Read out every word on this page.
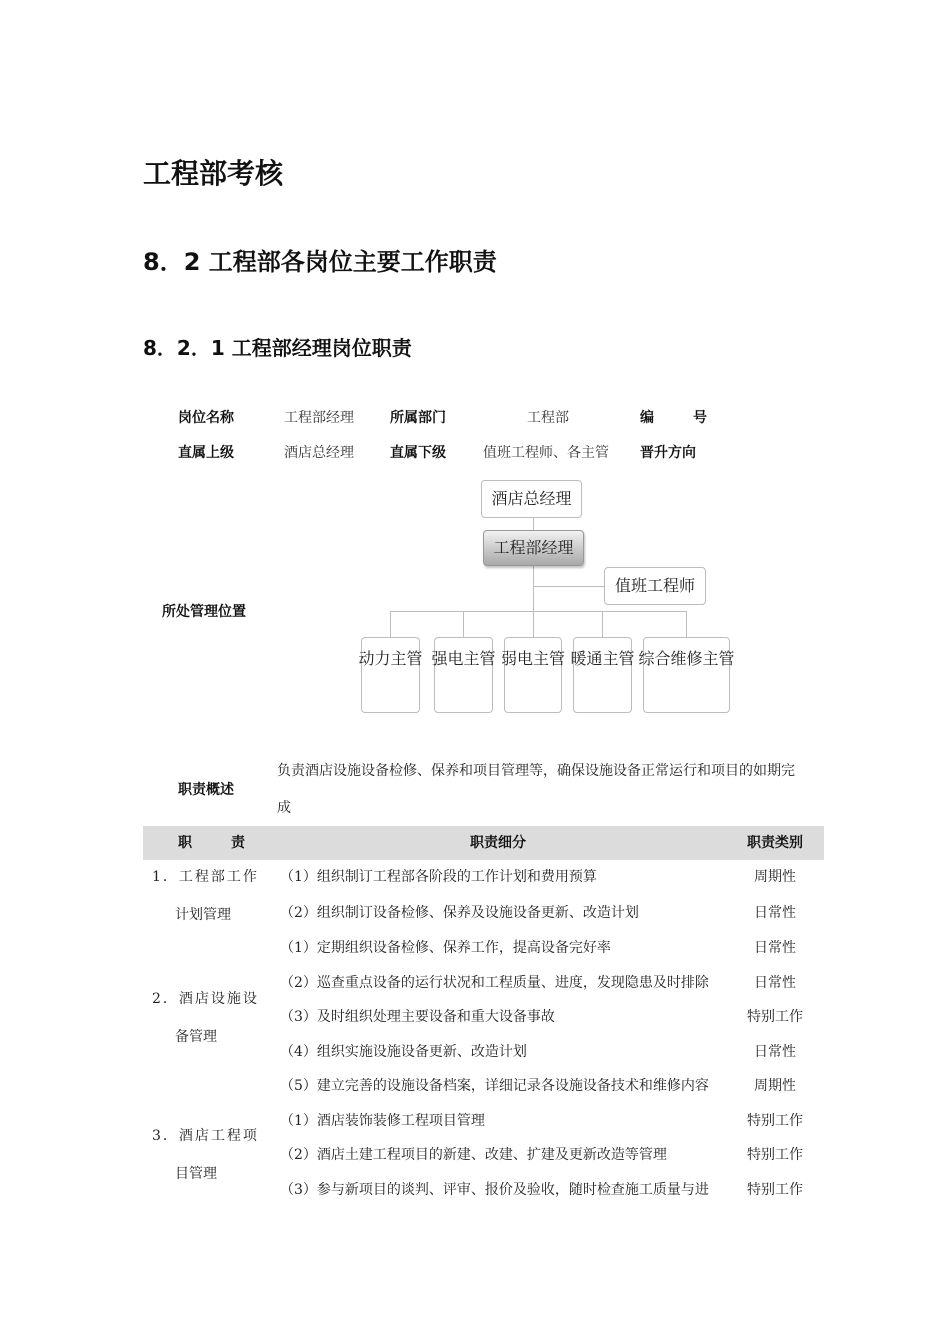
工程部考核
8．2 工程部各岗位主要工作职责
8．2．1 工程部经理岗位职责
岗位名称	工程部经理	所属部门	工程部	编        号
直属上级	酒店总经理	直属下级	值班工程师、各主管 晋升方向
所处管理位置
酒店总经理
工程部经理
值班工程师
动力主管 强电主管 弱电主管 暖通主管 综合维修主管
职责概述
负责酒店设施设备检修、保养和项目管理等，确保设施设备正常运行和项目的如期完
成
职        责	职责细分	职责类别
1．工程部工作
计划管理
（1）组织制订工程部各阶段的工作计划和费用预算	周期性
（2）组织制订设备检修、保养及设施设备更新、改造计划	日常性
2．酒店设施设
备管理
（1）定期组织设备检修、保养工作，提高设备完好率	日常性
（2）巡查重点设备的运行状况和工程质量、进度，发现隐患及时排除	日常性
（3）及时组织处理主要设备和重大设备事故	特别工作
（4）组织实施设施设备更新、改造计划	日常性
（5）建立完善的设施设备档案，详细记录各设施设备技术和维修内容	周期性
3．酒店工程项
目管理
（1）酒店装饰装修工程项目管理	特别工作
（2）酒店土建工程项目的新建、改建、扩建及更新改造等管理	特别工作
（3）参与新项目的谈判、评审、报价及验收，随时检查施工质量与进	特别工作
